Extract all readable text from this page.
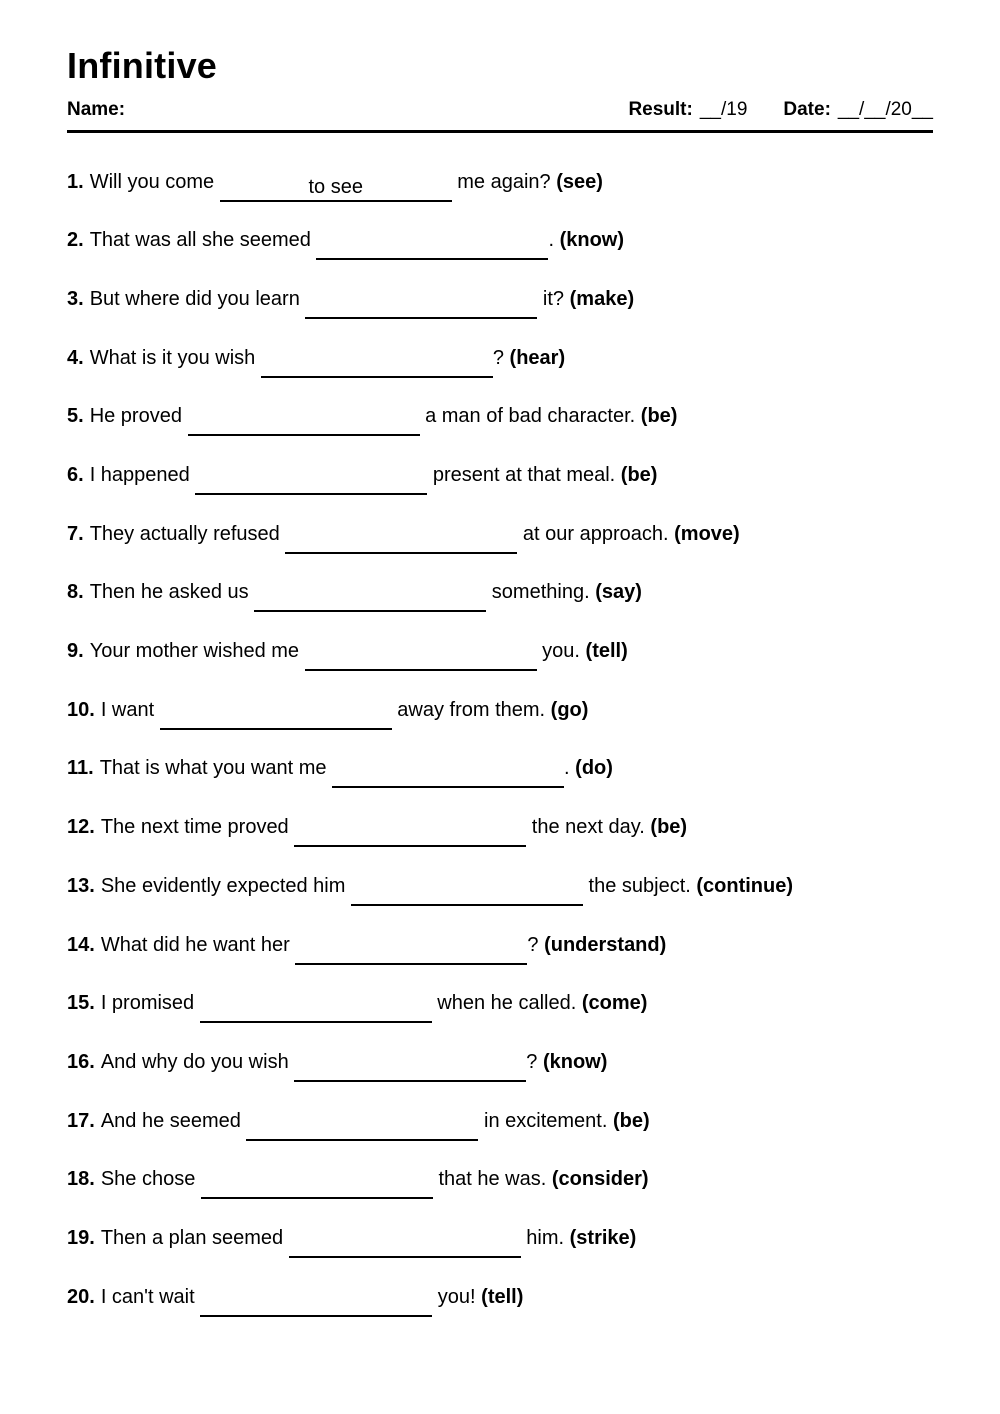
Infinitive
Name:	Result: __/19 Date: __/__/20__
1. Will you come	to see	me again? (see)
2. That was all she seemed	. (know)
3. But where did you learn	it? (make)
4. What is it you wish	? (hear)
5. He proved	a man of bad character. (be)
6. I happened	present at that meal. (be)
7. They actually refused	at our approach. (move)
8. Then he asked us	something. (say)
9. Your mother wished me	you. (tell)
10. I want	away from them. (go)
11. That is what you want me	. (do)
12. The next time proved	the next day. (be)
13. She evidently expected him	the subject. (continue)
14. What did he want her	? (understand)
15. I promised	when he called. (come)
16. And why do you wish	? (know)
17. And he seemed	in excitement. (be)
18. She chose	that he was. (consider)
19. Then a plan seemed	him. (strike)
20. I can't wait	you! (tell)
